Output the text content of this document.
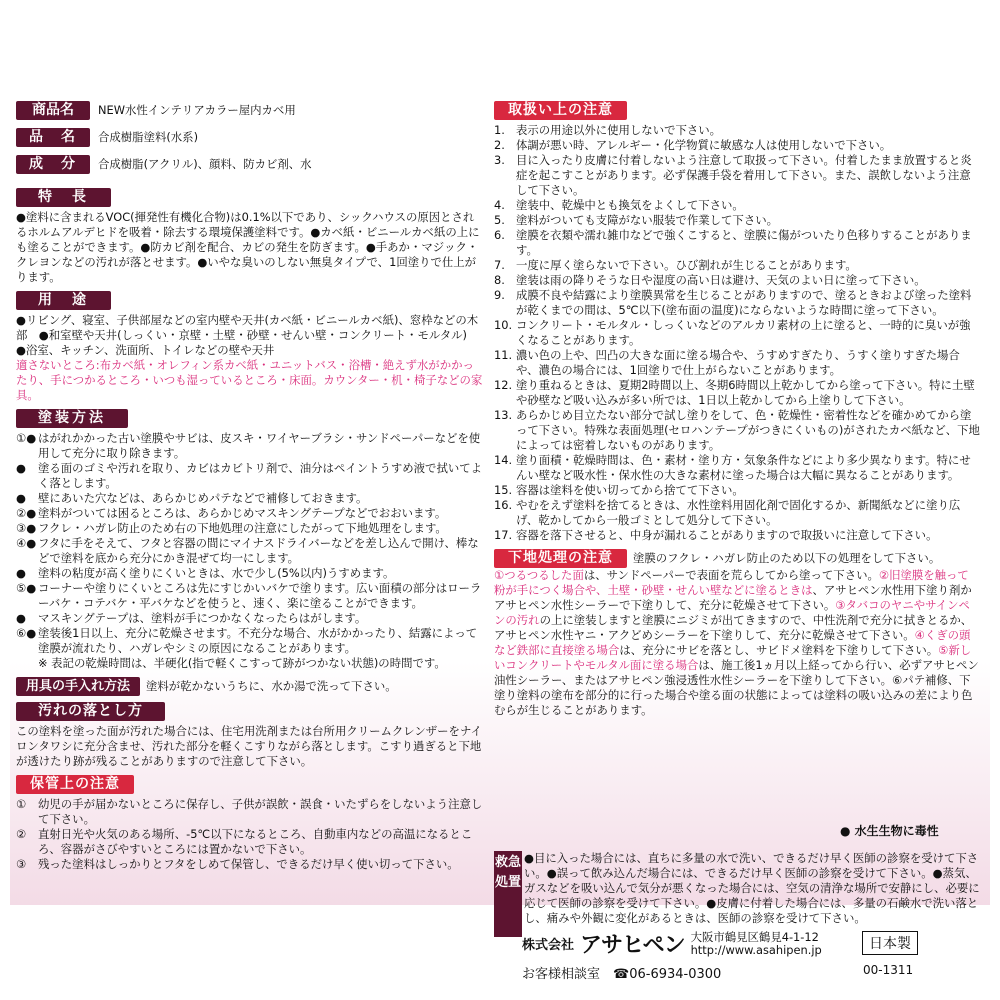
商品名	NEW水性インテリアカラー屋内カベ用
品　名	合成樹脂塗料(水系)
成　分	合成樹脂(アクリル)、顔料、防カビ剤、水
特　長

●塗料に含まれるVOC(揮発性有機化合物)は0.1%以下であり、シックハウスの原因とされるホルムアルデヒドを吸着・除去する環境保護塗料です。●カベ紙・ビニールカベ紙の上にも塗ることができます。●防カビ剤を配合、カビの発生を防ぎます。●手あか・マジック・クレヨンなどの汚れが落とせます。●いやな臭いのしない無臭タイプで、1回塗りで仕上がります。

用　途

●リビング、寝室、子供部屋などの室内壁や天井(カベ紙・ビニールカベ紙)、窓枠などの木部　●和室壁や天井(しっくい・京壁・土壁・砂壁・せんい壁・コンクリート・モルタル)　●浴室、キッチン、洗面所、トイレなどの壁や天井

適さないところ:布カベ紙・オレフィン系カベ紙・ユニットバス・浴槽・絶えず水がかかったり、手につかるところ・いつも湿っているところ・床面。カウンター・机・椅子などの家具。

塗装方法
①● はがれかかった古い塗膜やサビは、皮スキ・ワイヤーブラシ・サンドペーパーなどを使用して充分に取り除きます。
●	塗る面のゴミや汚れを取り、カビはカビトリ剤で、油分はペイントうすめ液で拭いてよく落とします。
●	壁にあいた穴などは、あらかじめパテなどで補修しておきます。
②● 塗料がついては困るところは、あらかじめマスキングテープなどでおおいます。
③● フクレ・ハガレ防止のため右の下地処理の注意にしたがって下地処理をします。
④● フタに手をそえて、フタと容器の間にマイナスドライバーなどを差し込んで開け、棒などで塗料を底から充分にかき混ぜて均一にします。
●	塗料の粘度が高く塗りにくいときは、水で少し(5%以内)うすめます。
⑤● コーナーや塗りにくいところは先にすじかいバケで塗ります。広い面積の部分はローラーバケ・コテバケ・平バケなどを使うと、速く、楽に塗ることができます。
●	マスキングテープは、塗料が手につかなくなったらはがします。
⑥● 塗装後1日以上、充分に乾燥させます。不充分な場合、水がかかったり、結露によって塗膜が流れたり、ハガレやシミの原因になることがあります。
※ 表記の乾燥時間は、半硬化(指で軽くこすって跡がつかない状態)の時間です。
用具の手入れ方法	塗料が乾かないうちに、水か湯で洗って下さい。
汚れの落とし方

この塗料を塗った面が汚れた場合には、住宅用洗剤または台所用クリームクレンザーをナイロンタワシに充分含ませ、汚れた部分を軽くこすりながら落とします。こすり過ぎると下地が透けたり跡が残ることがありますので注意して下さい。

保管上の注意
①	幼児の手が届かないところに保存し、子供が誤飲・誤食・いたずらをしないよう注意して下さい。
②	直射日光や火気のある場所、-5℃以下になるところ、自動車内などの高温になるところ、容器がさびやすいところには置かないで下さい。
③	残った塗料はしっかりとフタをしめて保管し、できるだけ早く使い切って下さい。
取扱い上の注意
1. 表示の用途以外に使用しないで下さい。
2. 体調が悪い時、アレルギー・化学物質に敏感な人は使用しないで下さい。
3. 目に入ったり皮膚に付着しないよう注意して取扱って下さい。付着したまま放置すると炎症を起こすことがあります。必ず保護手袋を着用して下さい。また、誤飲しないよう注意して下さい。
4. 塗装中、乾燥中とも換気をよくして下さい。
5. 塗料がついても支障がない服装で作業して下さい。
6. 塗膜を衣類や濡れ雑巾などで強くこすると、塗膜に傷がついたり色移りすることがあります。
7. 一度に厚く塗らないで下さい。ひび割れが生じることがあります。
8. 塗装は雨の降りそうな日や湿度の高い日は避け、天気のよい日に塗って下さい。
9. 成膜不良や結露により塗膜異常を生じることがありますので、塗るときおよび塗った塗料が乾くまでの間は、5℃以下(塗布面の温度)にならないような時間に塗って下さい。
10. コンクリート・モルタル・しっくいなどのアルカリ素材の上に塗ると、一時的に臭いが強くなることがあります。
11. 濃い色の上や、凹凸の大きな面に塗る場合や、うすめすぎたり、うすく塗りすぎた場合や、濃色の場合には、1回塗りで仕上がらないことがあります。
12. 塗り重ねるときは、夏期2時間以上、冬期6時間以上乾かしてから塗って下さい。特に土壁や砂壁など吸い込みが多い所では、1日以上乾かしてから上塗りして下さい。
13. あらかじめ目立たない部分で試し塗りをして、色・乾燥性・密着性などを確かめてから塗って下さい。特殊な表面処理(セロハンテープがつきにくいもの)がされたカベ紙など、下地によっては密着しないものがあります。
14. 塗り面積・乾燥時間は、色・素材・塗り方・気象条件などにより多少異なります。特にせんい壁など吸水性・保水性の大きな素材に塗った場合は大幅に異なることがあります。
15. 容器は塗料を使い切ってから捨てて下さい。
16. やむをえず塗料を捨てるときは、水性塗料用固化剤で固化するか、新聞紙などに塗り広げ、乾かしてから一般ゴミとして処分して下さい。
17. 容器を落下させると、中身が漏れることがありますので取扱いに注意して下さい。
下地処理の注意	塗膜のフクレ・ハガレ防止のため以下の処理をして下さい。

①つるつるした面は、サンドペーパーで表面を荒らしてから塗って下さい。②旧塗膜を触って粉が手につく場合や、土壁・砂壁・せんい壁などに塗るときは、アサヒペン水性用下塗り剤かアサヒペン水性シーラーで下塗りして、充分に乾燥させて下さい。③タバコのヤニやサインペンの汚れの上に塗装しますと塗膜にニジミが出てきますので、中性洗剤で充分に拭きとるか、アサヒペン水性ヤニ・アクどめシーラーを下塗りして、充分に乾燥させて下さい。④くぎの頭など鉄部に直接塗る場合は、充分にサビを落とし、サビドメ塗料を下塗りして下さい。⑤新しいコンクリートやモルタル面に塗る場合は、施工後1ヵ月以上経ってから行い、必ずアサヒペン油性シーラー、またはアサヒペン強浸透性水性シーラーを下塗りして下さい。⑥パテ補修、下塗り塗料の塗布を部分的に行った場合や塗る面の状態によっては塗料の吸い込みの差により色むらが生じることがあります。

● 水生生物に毒性
救急処置

●目に入った場合には、直ちに多量の水で洗い、できるだけ早く医師の診察を受けて下さい。●誤って飲み込んだ場合には、できるだけ早く医師の診察を受けて下さい。●蒸気、ガスなどを吸い込んで気分が悪くなった場合には、空気の清浄な場所で安静にし、必要に応じて医師の診察を受けて下さい。●皮膚に付着した場合には、多量の石鹸水で洗い落とし、痛みや外観に変化があるときは、医師の診察を受けて下さい。

株式会社 アサヒペン 大阪市鶴見区鶴見4-1-12
http://www.asahipen.jp
お客様相談室　 ☎06-6934-0300
日本製
00-1311
